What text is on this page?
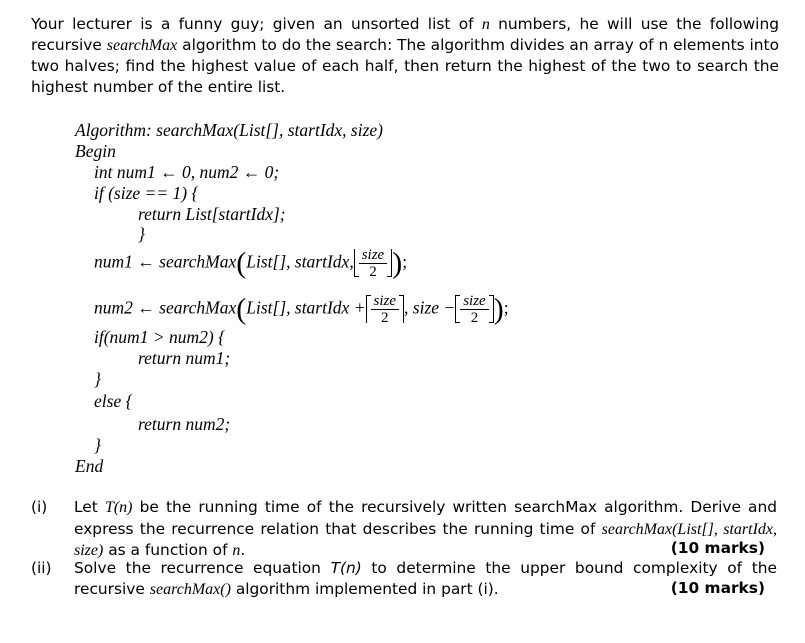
Your lecturer is a funny guy; given an unsorted list of n numbers, he will use the following recursive searchMax algorithm to do the search: The algorithm divides an array of n elements into two halves; find the highest value of each half, then return the highest of the two to search the highest number of the entire list.
Algorithm: searchMax(List[], startIdx, size)
Begin
int num1 ← 0, num2 ← 0;
if (size == 1) {
return List[startIdx];
}
num1 ← searchMax(List[], startIdx, $\frac{\text{size}}{2}$ );
num2 ← searchMax(List[], startIdx + $\frac{\text{size}}{2}$ , size − $\frac{\text{size}}{2}$ );
if(num1 > num2) {
return num1;
}
else {
return num2;
}
End
(i) Let T(n) be the running time of the recursively written searchMax algorithm. Derive and express the recurrence relation that describes the running time of searchMax(List[], startIdx, size) as a function of n.	(10 marks)
(ii) Solve the recurrence equation T(n) to determine the upper bound complexity of the recursive searchMax() algorithm implemented in part (i).	(10 marks)
